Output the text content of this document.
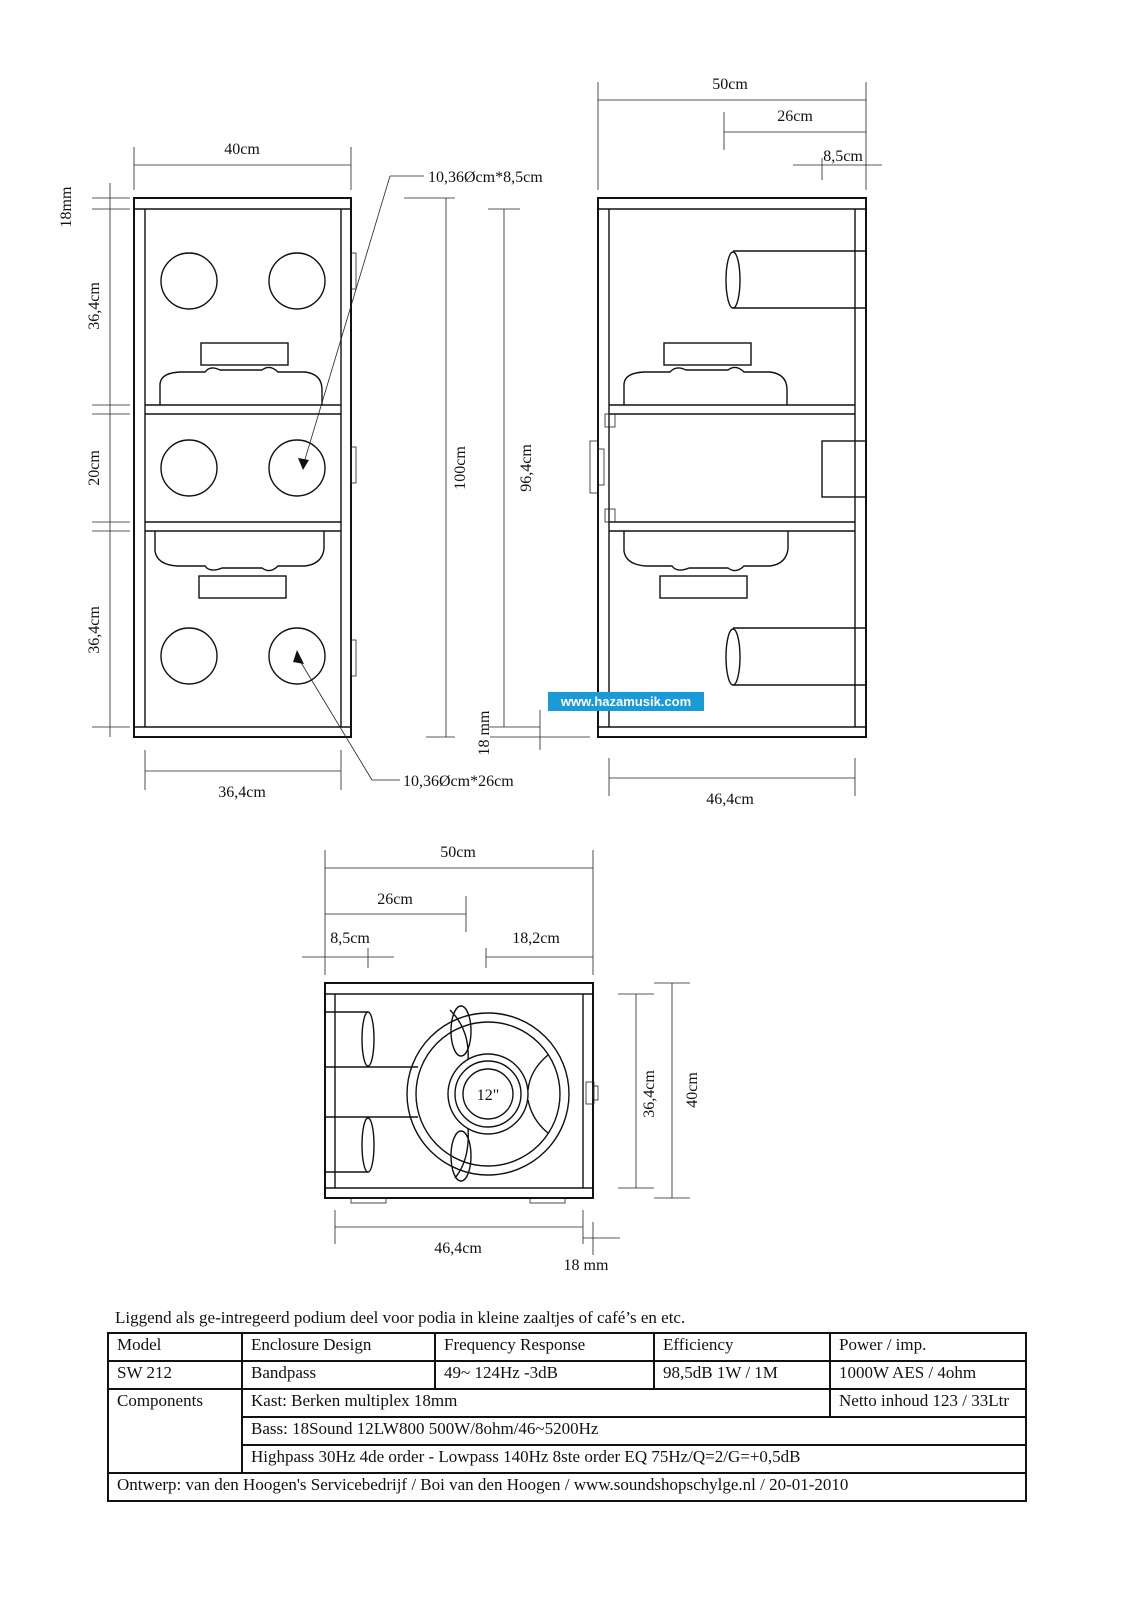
40cm
18mm
36,4cm
20cm
36,4cm
36,4cm
10,36Øcm*8,5cm
10,36Øcm*26cm
100cm	96,4cm
18 mm
50cm
26cm
8,5cm
46,4cm
12"
50cm
26cm
8,5cm	18,2cm
36,4cm 40cm
46,4cm
18 mm
www.hazamusik.com
Liggend als ge-intregeerd podium deel voor podia in kleine zaaltjes of café’s en etc.
Model	Enclosure Design	Frequency Response	Efficiency	Power / imp.
SW 212	Bandpass	49~ 124Hz -3dB	98,5dB 1W / 1M	1000W AES / 4ohm
Components	Kast: Berken multiplex 18mm			Netto inhoud 123 / 33Ltr
	Bass: 18Sound 12LW800 500W/8ohm/46~5200Hz			
	Highpass 30Hz 4de order - Lowpass 140Hz 8ste order EQ 75Hz/Q=2/G=+0,5dB			
Ontwerp: van den Hoogen's Servicebedrijf / Boi van den Hoogen / www.soundshopschylge.nl / 20-01-2010				
